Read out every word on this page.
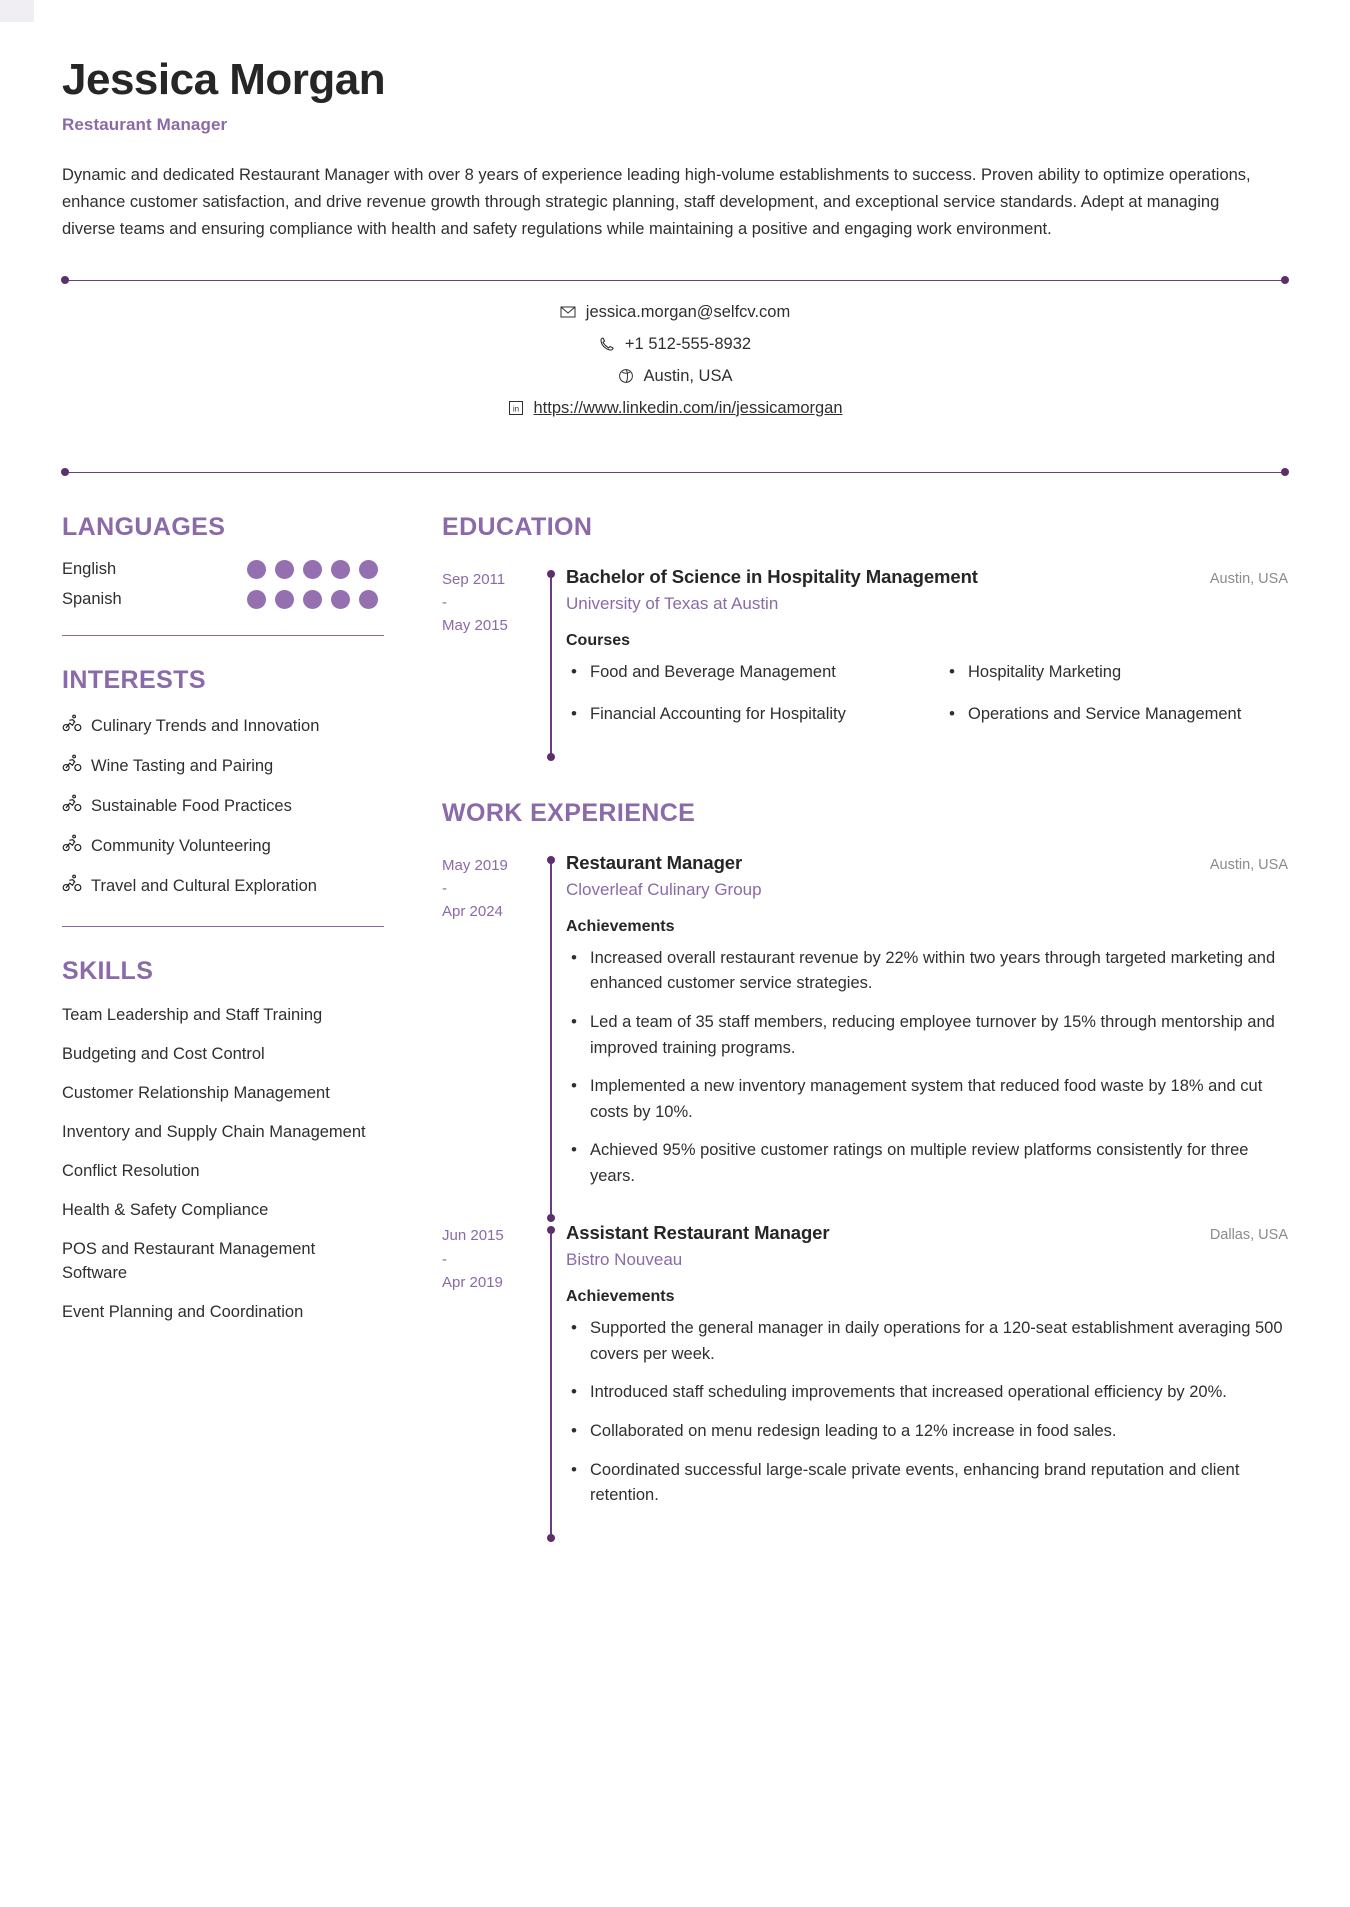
Jessica Morgan
Restaurant Manager

Dynamic and dedicated Restaurant Manager with over 8 years of experience leading high-volume establishments to success. Proven ability to optimize operations, enhance customer satisfaction, and drive revenue growth through strategic planning, staff development, and exceptional service standards. Adept at managing diverse teams and ensuring compliance with health and safety regulations while maintaining a positive and engaging work environment.

jessica.morgan@selfcv.com
+1 512-555-8932
Austin, USA
in https://www.linkedin.com/in/jessicamorgan
LANGUAGES
English
Spanish
INTERESTS
Culinary Trends and Innovation
Wine Tasting and Pairing
Sustainable Food Practices
Community Volunteering
Travel and Cultural Exploration
SKILLS
Team Leadership and Staff Training
Budgeting and Cost Control
Customer Relationship Management
Inventory and Supply Chain Management
Conflict Resolution
Health & Safety Compliance
POS and Restaurant Management Software
Event Planning and Coordination
EDUCATION
Sep 2011
-
May 2015
Bachelor of Science in Hospitality Management	Austin, USA
University of Texas at Austin
Courses
• Food and Beverage Management	• Hospitality Marketing
• Financial Accounting for Hospitality	• Operations and Service Management
WORK EXPERIENCE
May 2019
-
Apr 2024
Restaurant Manager	Austin, USA
Cloverleaf Culinary Group
Achievements
• Increased overall restaurant revenue by 22% within two years through targeted marketing and enhanced customer service strategies.
• Led a team of 35 staff members, reducing employee turnover by 15% through mentorship and improved training programs.
• Implemented a new inventory management system that reduced food waste by 18% and cut costs by 10%.
• Achieved 95% positive customer ratings on multiple review platforms consistently for three years.
Jun 2015
-
Apr 2019
Assistant Restaurant Manager	Dallas, USA
Bistro Nouveau
Achievements
• Supported the general manager in daily operations for a 120-seat establishment averaging 500 covers per week.
• Introduced staff scheduling improvements that increased operational efficiency by 20%.
• Collaborated on menu redesign leading to a 12% increase in food sales.
• Coordinated successful large-scale private events, enhancing brand reputation and client retention.
